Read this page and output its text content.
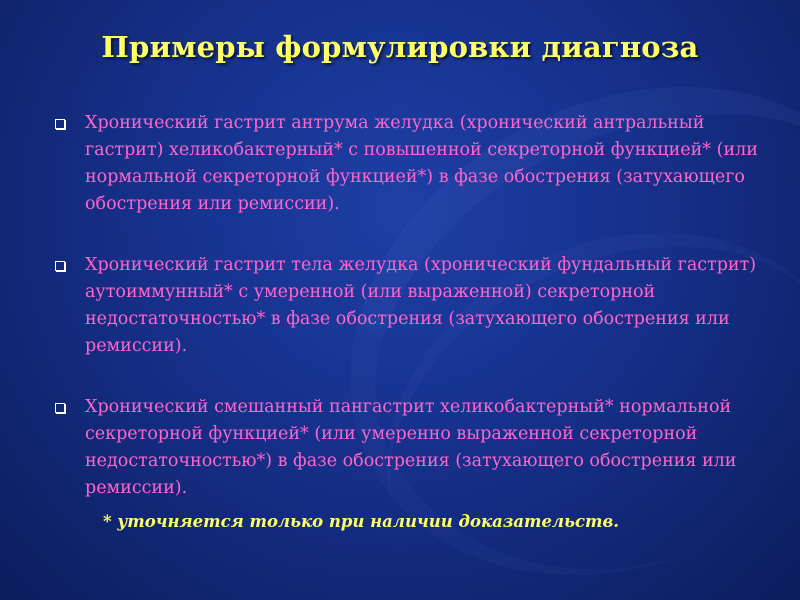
Примеры формулировки диагноза
Хронический гастрит антрума желудка (хронический антральный гастрит) хеликобактерный* с повышенной секреторной функцией* (или нормальной секреторной функцией*) в фазе обострения (затухающего обострения или ремиссии).
Хронический гастрит тела желудка (хронический фундальный гастрит) аутоиммунный* с умеренной (или выраженной) секреторной недостаточностью* в фазе обострения (затухающего обострения или ремиссии).
Хронический смешанный пангастрит хеликобактерный* нормальной секреторной функцией* (или умеренно выраженной секреторной недостаточностью*) в фазе обострения (затухающего обострения или ремиссии).

* уточняется только при наличии доказательств.
